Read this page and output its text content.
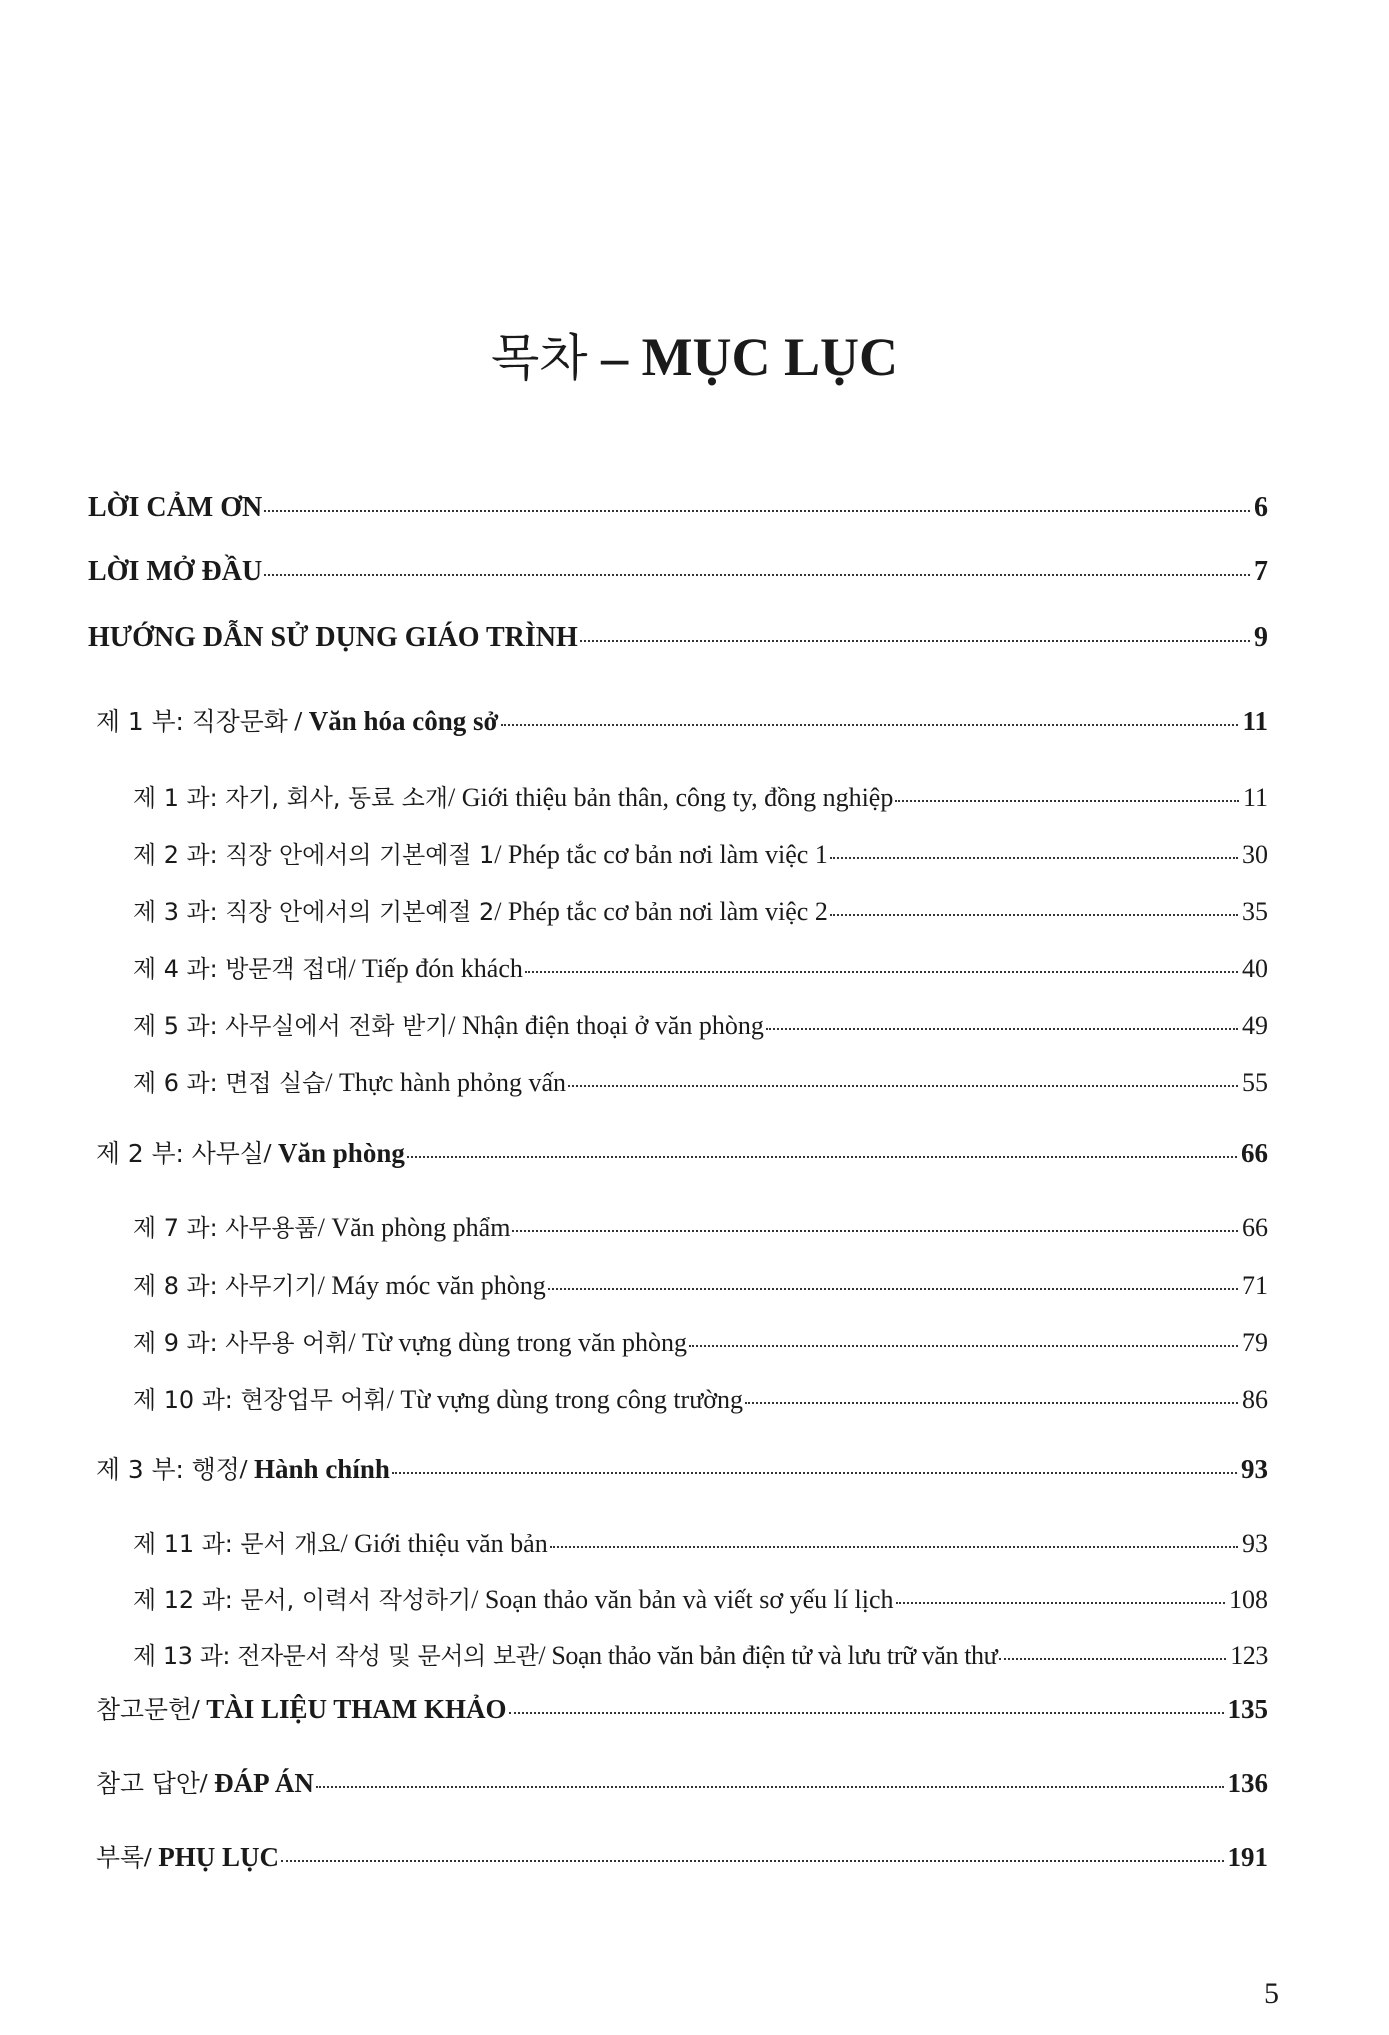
목차 – MỤC LỤC
LỜI CẢM ƠN	6
LỜI MỞ ĐẦU	7
HƯỚNG DẪN SỬ DỤNG GIÁO TRÌNH	9
제 1 부: 직장문화 / Văn hóa công sở	11
제 1 과: 자기, 회사, 동료 소개/ Giới thiệu bản thân, công ty, đồng nghiệp	11
제 2 과: 직장 안에서의 기본예절 1/ Phép tắc cơ bản nơi làm việc 1	30
제 3 과: 직장 안에서의 기본예절 2/ Phép tắc cơ bản nơi làm việc 2	35
제 4 과: 방문객 접대/ Tiếp đón khách	40
제 5 과: 사무실에서 전화 받기/ Nhận điện thoại ở văn phòng	49
제 6 과: 면접 실습/ Thực hành phỏng vấn	55
제 2 부: 사무실/ Văn phòng	66
제 7 과: 사무용품/ Văn phòng phẩm	66
제 8 과: 사무기기/ Máy móc văn phòng	71
제 9 과: 사무용 어휘/ Từ vựng dùng trong văn phòng	79
제 10 과: 현장업무 어휘/ Từ vựng dùng trong công trường	86
제 3 부: 행정/ Hành chính	93
제 11 과: 문서 개요/ Giới thiệu văn bản	93
제 12 과: 문서, 이력서 작성하기/ Soạn thảo văn bản và viết sơ yếu lí lịch	108
제 13 과: 전자문서 작성 및 문서의 보관/ Soạn thảo văn bản điện tử và lưu trữ văn thư	123
참고문헌/ TÀI LIỆU THAM KHẢO	135
참고 답안/ ĐÁP ÁN	136
부록/ PHỤ LỤC	191
5
